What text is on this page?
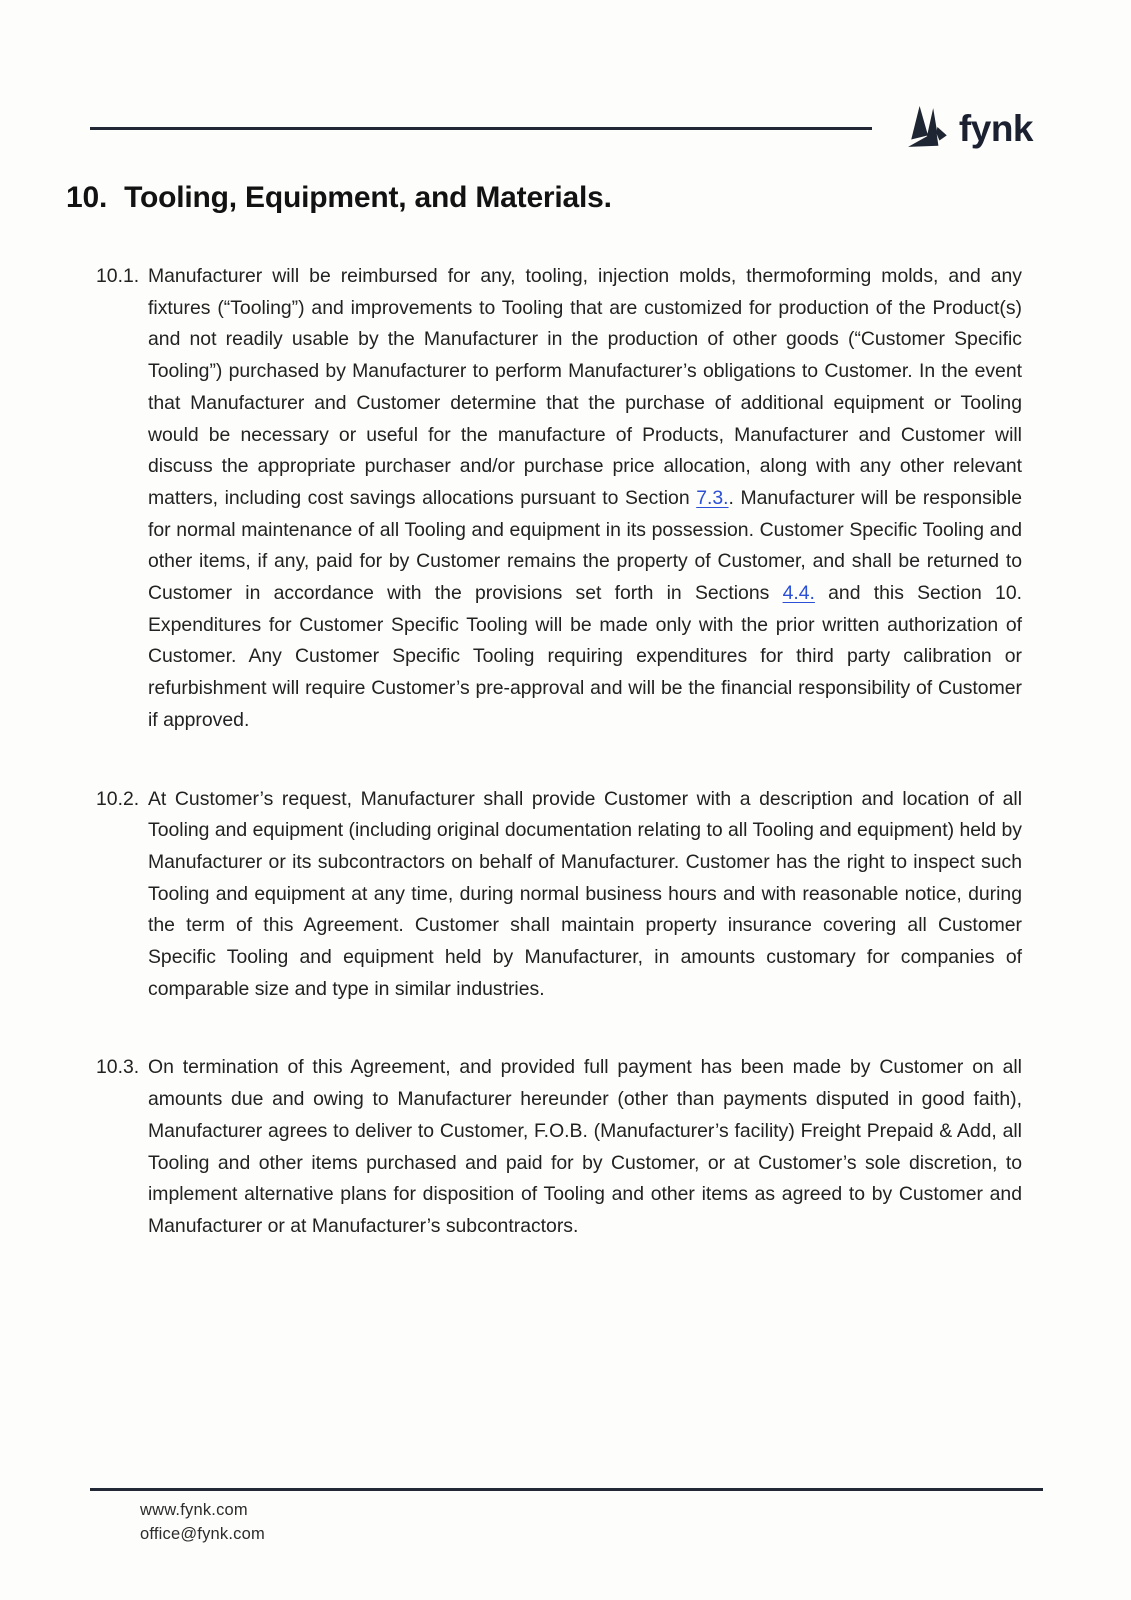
fynk
10. Tooling, Equipment, and Materials.
10.1. Manufacturer will be reimbursed for any, tooling, injection molds, thermoforming molds, and any fixtures (“Tooling”) and improvements to Tooling that are customized for production of the Product(s) and not readily usable by the Manufacturer in the production of other goods (“Customer Specific Tooling”) purchased by Manufacturer to perform Manufacturer’s obligations to Customer. In the event that Manufacturer and Customer determine that the purchase of additional equipment or Tooling would be necessary or useful for the manufacture of Products, Manufacturer and Customer will discuss the appropriate purchaser and/or purchase price allocation, along with any other relevant matters, including cost savings allocations pursuant to Section 7.3.. Manufacturer will be responsible for normal maintenance of all Tooling and equipment in its possession. Customer Specific Tooling and other items, if any, paid for by Customer remains the property of Customer, and shall be returned to Customer in accordance with the provisions set forth in Sections 4.4. and this Section 10. Expenditures for Customer Specific Tooling will be made only with the prior written authorization of Customer. Any Customer Specific Tooling requiring expenditures for third party calibration or refurbishment will require Customer’s pre-approval and will be the financial responsibility of Customer if approved.

10.2. At Customer’s request, Manufacturer shall provide Customer with a description and location of all Tooling and equipment (including original documentation relating to all Tooling and equipment) held by Manufacturer or its subcontractors on behalf of Manufacturer. Customer has the right to inspect such Tooling and equipment at any time, during normal business hours and with reasonable notice, during the term of this Agreement. Customer shall maintain property insurance covering all Customer Specific Tooling and equipment held by Manufacturer, in amounts customary for companies of comparable size and type in similar industries.

10.3. On termination of this Agreement, and provided full payment has been made by Customer on all amounts due and owing to Manufacturer hereunder (other than payments disputed in good faith), Manufacturer agrees to deliver to Customer, F.O.B. (Manufacturer’s facility) Freight Prepaid & Add, all Tooling and other items purchased and paid for by Customer, or at Customer’s sole discretion, to implement alternative plans for disposition of Tooling and other items as agreed to by Customer and Manufacturer or at Manufacturer’s subcontractors.

www.fynk.com
office@fynk.com
